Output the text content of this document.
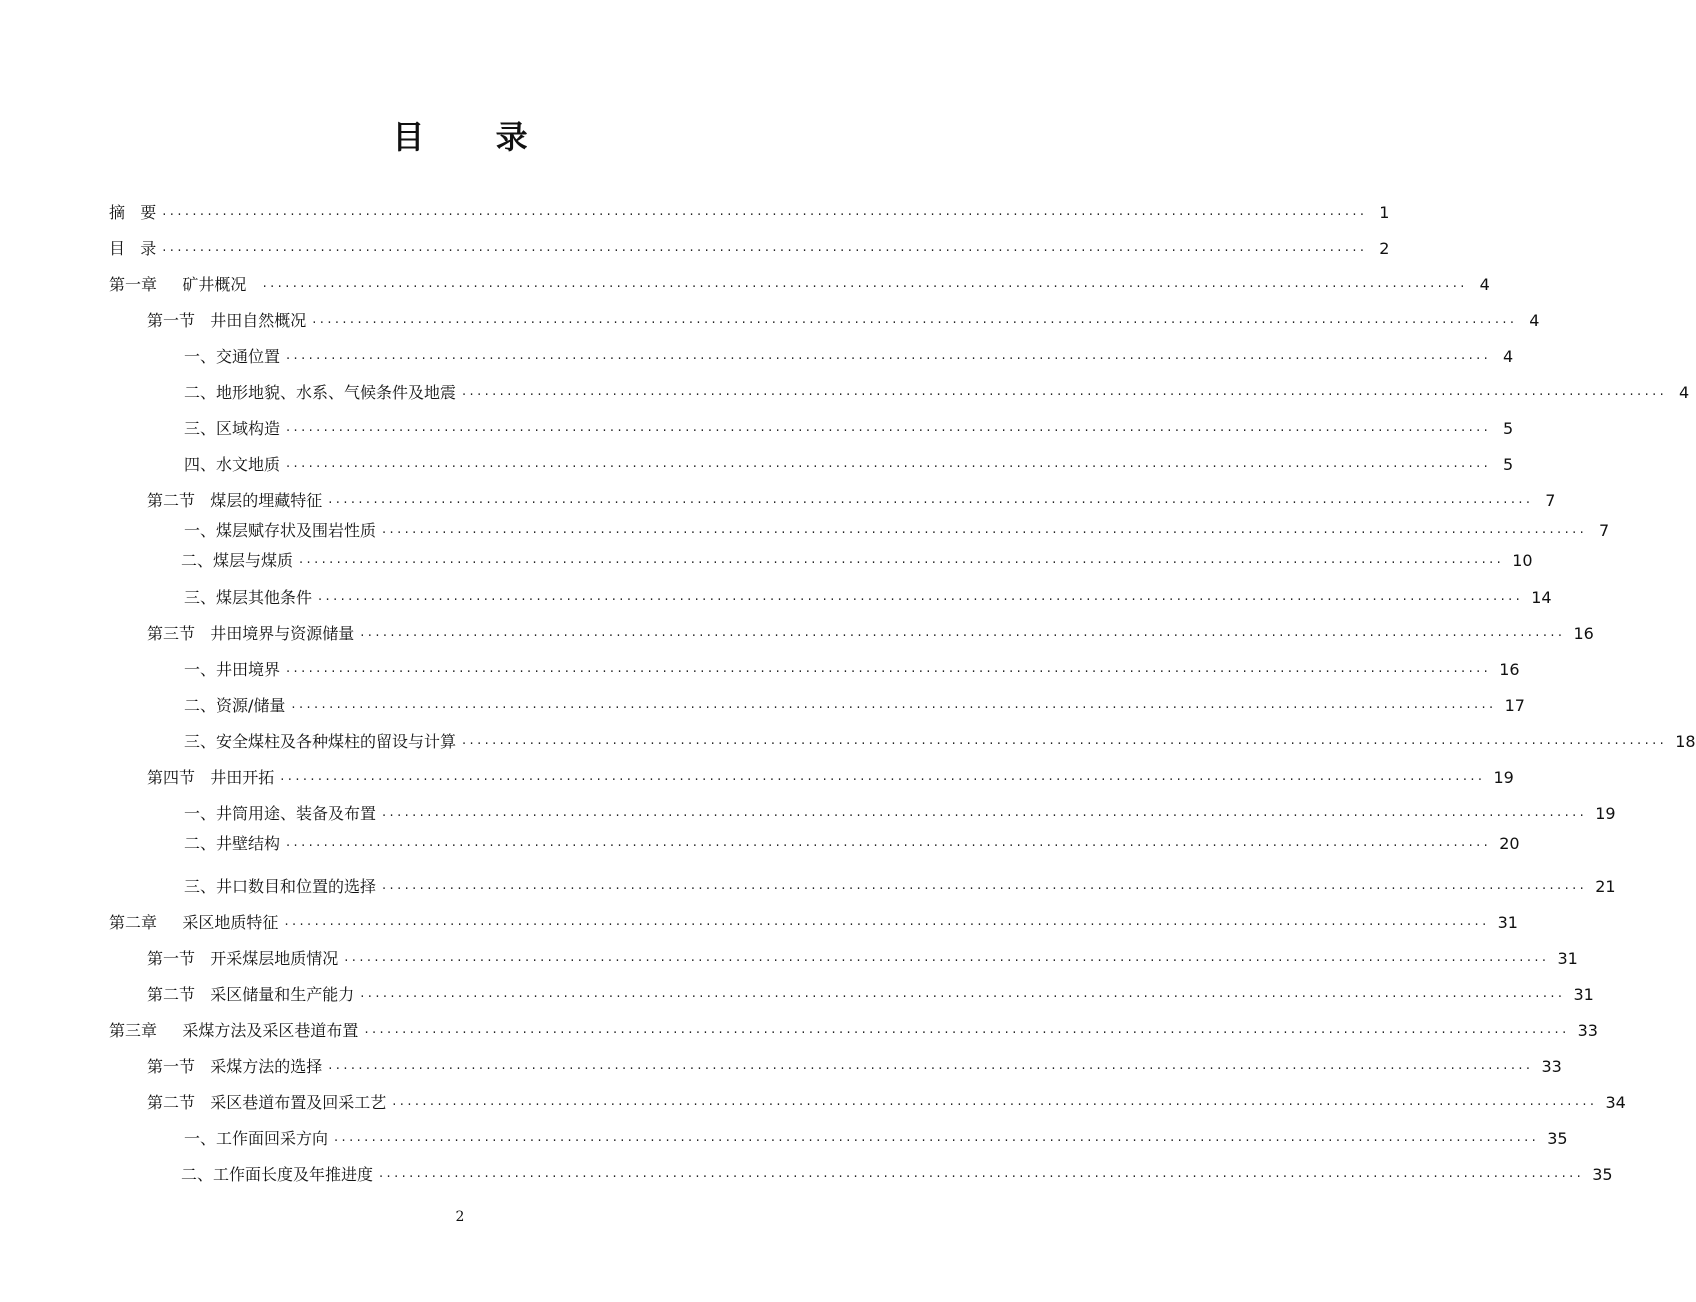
目 录
摘   要 ................................................................................................................................................................ 1
目   录 ................................................................................................................................................................ 2
第一章     矿井概况 ................................................................................................................................................................ 4
第一节   井田自然概况 ................................................................................................................................................................ 4
一、交通位置 ................................................................................................................................................................ 4
二、地形地貌、水系、气候条件及地震 ................................................................................................................................................................ 4
三、区域构造 ................................................................................................................................................................ 5
四、水文地质 ................................................................................................................................................................ 5
第二节   煤层的埋藏特征 ................................................................................................................................................................ 7
一、煤层赋存状及围岩性质 ................................................................................................................................................................ 7
二、煤层与煤质 ................................................................................................................................................................ 10
三、煤层其他条件 ................................................................................................................................................................ 14
第三节   井田境界与资源储量 ................................................................................................................................................................ 16
一、井田境界 ................................................................................................................................................................ 16
二、资源/储量 ................................................................................................................................................................ 17
三、安全煤柱及各种煤柱的留设与计算 ................................................................................................................................................................ 18
第四节   井田开拓 ................................................................................................................................................................ 19
一、井筒用途、装备及布置 ................................................................................................................................................................ 19
二、井壁结构 ................................................................................................................................................................ 20
三、井口数目和位置的选择 ................................................................................................................................................................ 21
第二章     采区地质特征 ................................................................................................................................................................ 31
第一节   开采煤层地质情况 ................................................................................................................................................................ 31
第二节   采区储量和生产能力 ................................................................................................................................................................ 31
第三章     采煤方法及采区巷道布置 ................................................................................................................................................................ 33
第一节   采煤方法的选择 ................................................................................................................................................................ 33
第二节   采区巷道布置及回采工艺 ................................................................................................................................................................ 34
一、工作面回采方向 ................................................................................................................................................................ 35
二、工作面长度及年推进度 ................................................................................................................................................................ 35
2
